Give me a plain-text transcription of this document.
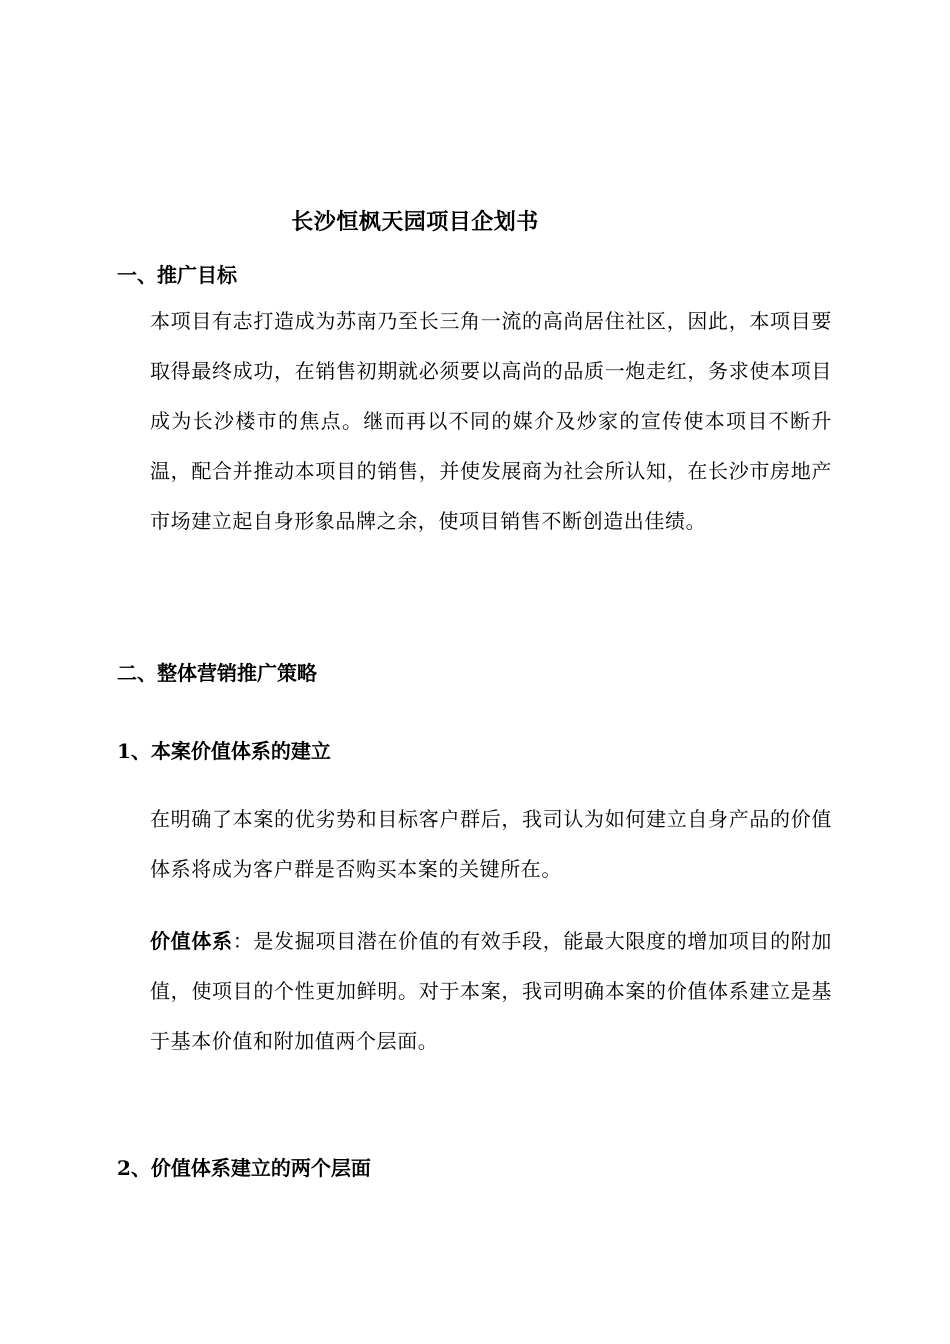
长沙恒枫天园项目企划书
一、推广目标

本项目有志打造成为苏南乃至长三角一流的高尚居住社区，因此，本项目要取得最终成功，在销售初期就必须要以高尚的品质一炮走红，务求使本项目成为长沙楼市的焦点。继而再以不同的媒介及炒家的宣传使本项目不断升温，配合并推动本项目的销售，并使发展商为社会所认知，在长沙市房地产市场建立起自身形象品牌之余，使项目销售不断创造出佳绩。

二、整体营销推广策略
1、本案价值体系的建立

在明确了本案的优劣势和目标客户群后，我司认为如何建立自身产品的价值体系将成为客户群是否购买本案的关键所在。

价值体系：是发掘项目潜在价值的有效手段，能最大限度的增加项目的附加值，使项目的个性更加鲜明。对于本案，我司明确本案的价值体系建立是基于基本价值和附加值两个层面。

2、价值体系建立的两个层面
